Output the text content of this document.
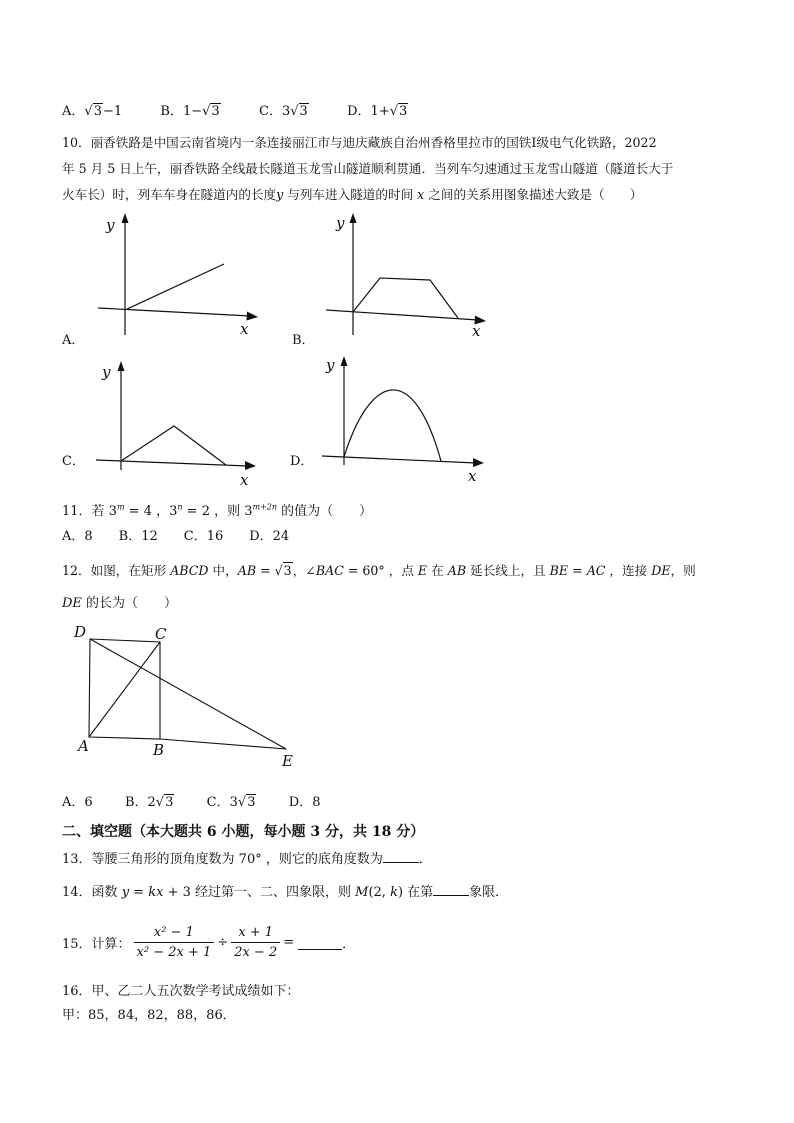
A．√3−1	B．1−√3	C．3√3	D．1+√3
10．丽香铁路是中国云南省境内一条连接丽江市与迪庆藏族自治州香格里拉市的国铁Ⅰ级电气化铁路，2022
年 5 月 5 日上午，丽香铁路全线最长隧道玉龙雪山隧道顺利贯通．当列车匀速通过玉龙雪山隧道（隧道长大于
火车长）时，列车车身在隧道内的长度y 与列车进入隧道的时间 x 之间的关系用图象描述大致是（　　）
A．
y
x
B．
y
x
C．
y
x
D．
y
x
11．若 $3^m = 4$ ，$3^n = 2$ ，则 $3^{m+2n}$ 的值为（　　）
A．8　　B．12　　C．16　　D．24
12．如图，在矩形 ABCD 中，AB = √3，∠BAC = 60° ，点 E 在 AB 延长线上，且 BE = AC ，连接 DE，则
DE 的长为（　　）
D	C
A	B
E
A．6 B．2√3	C．3√3	D．8
二、填空题（本大题共 6 小题，每小题 3 分，共 18 分）
13．等腰三角形的顶角度数为 70° ，则它的底角度数为	．
14．函数 y = kx + 3 经过第一、二、四象限，则 M(2, k) 在第	象限．
15．计算： $\frac{\text{x² − 1}}{\text{x² − 2x + 1}} \div \frac{x + 1}{2x - 2}$ =	．
16．甲、乙二人五次数学考试成绩如下：
甲：85，84，82，88，86．
